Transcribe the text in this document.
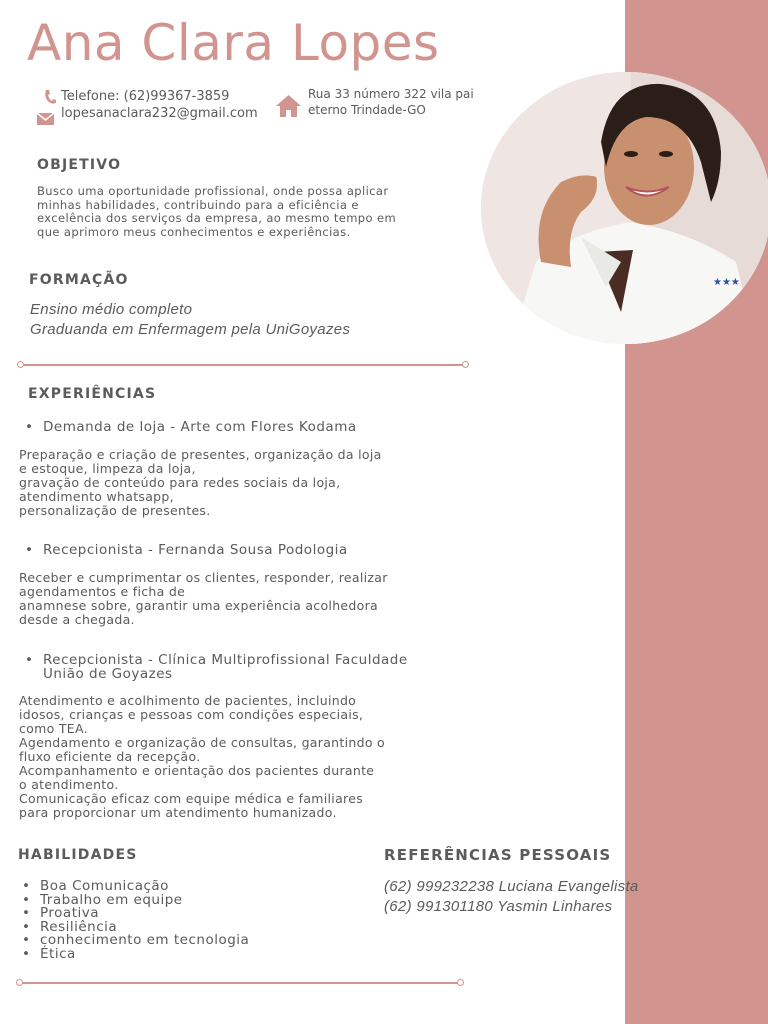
★★★
Ana Clara Lopes
Telefone: (62)99367-3859
lopesanaclara232@gmail.com
Rua 33 número 322 vila pai
eterno Trindade-GO
OBJETIVO
Busco uma oportunidade profissional, onde possa aplicar
minhas habilidades, contribuindo para a eficiência e
excelência dos serviços da empresa, ao mesmo tempo em
que aprimoro meus conhecimentos e experiências.
FORMAÇÃO
Ensino médio completo
Graduanda em Enfermagem pela UniGoyazes
EXPERIÊNCIAS
• Demanda de loja - Arte com Flores Kodama
Preparação e criação de presentes, organização da loja
e estoque, limpeza da loja,
gravação de conteúdo para redes sociais da loja,
atendimento whatsapp,
personalização de presentes.
• Recepcionista - Fernanda Sousa Podologia
Receber e cumprimentar os clientes, responder, realizar
agendamentos e ficha de
anamnese sobre, garantir uma experiência acolhedora
desde a chegada.
• Recepcionista - Clínica Multiprofissional Faculdade
União de Goyazes
Atendimento e acolhimento de pacientes, incluindo
idosos, crianças e pessoas com condições especiais,
como TEA.
Agendamento e organização de consultas, garantindo o
fluxo eficiente da recepção.
Acompanhamento e orientação dos pacientes durante
o atendimento.
Comunicação eficaz com equipe médica e familiares
para proporcionar um atendimento humanizado.
HABILIDADES
• Boa Comunicação
• Trabalho em equipe
• Proativa
• Resiliência
• conhecimento em tecnologia
• Ética
REFERÊNCIAS PESSOAIS
(62) 999232238 Luciana Evangelista
(62) 991301180 Yasmin Linhares
